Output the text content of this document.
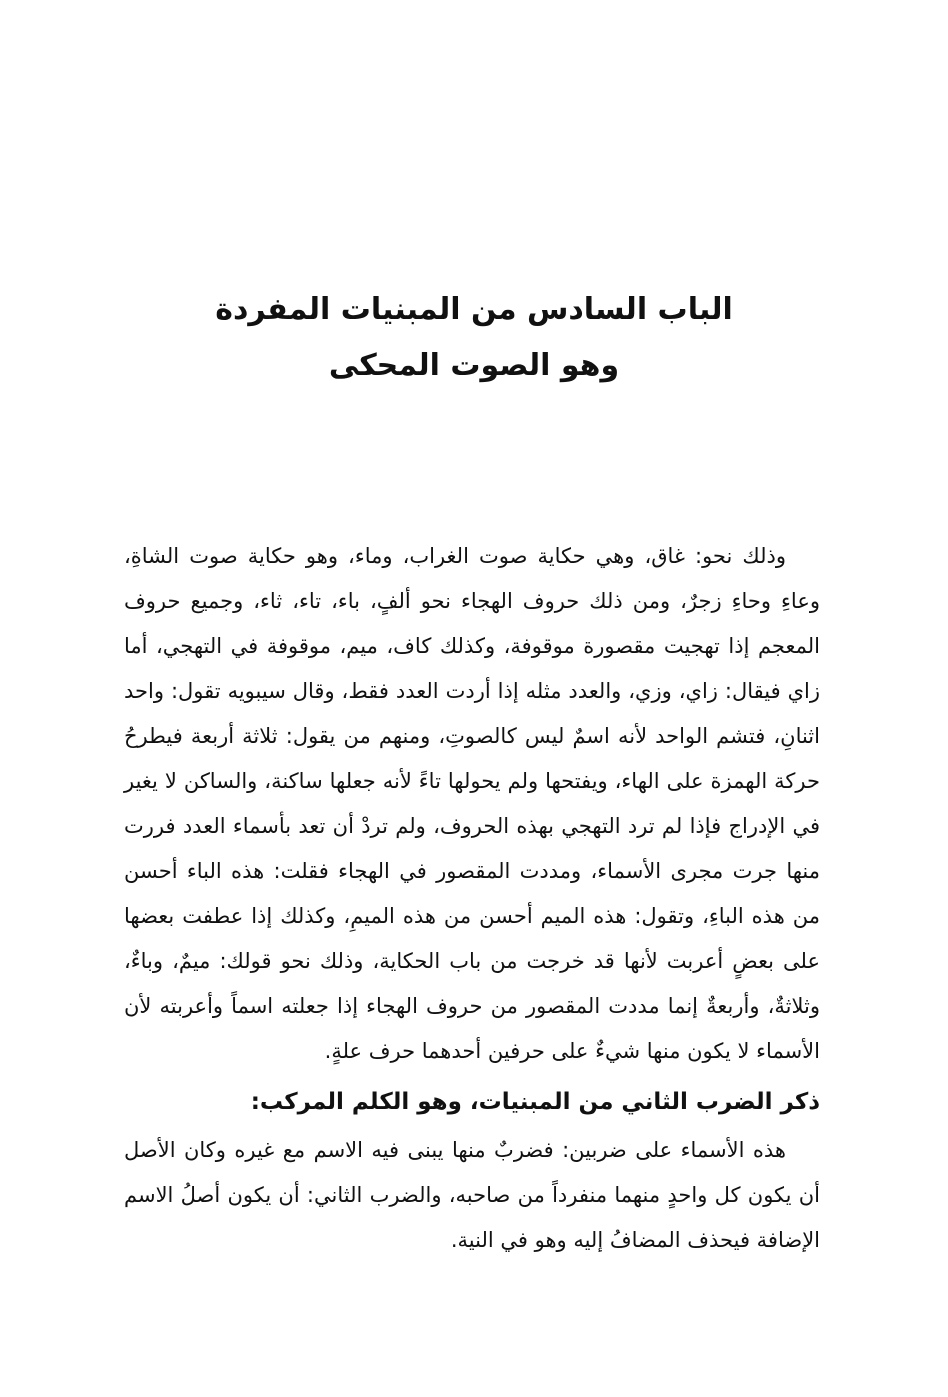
الباب السادس من المبنيات المفردة
وهو الصوت المحكى

وذلك نحو: غاق، وهي حكاية صوت الغراب، وماء، وهو حكاية صوت الشاةِ، وعاءِ وحاءِ زجرٌ، ومن ذلك حروف الهجاء نحو ألفٍ، باء، تاء، ثاء، وجميع حروف المعجم إذا تهجيت مقصورة موقوفة، وكذلك كاف، ميم، موقوفة في التهجي، أما زاي فيقال: زاي، وزي، والعدد مثله إذا أردت العدد فقط، وقال سيبويه تقول: واحد اثنانِ، فتشم الواحد لأنه اسمٌ ليس كالصوتِ، ومنهم من يقول: ثلاثة أربعة فيطرحُ حركة الهمزة على الهاء، ويفتحها ولم يحولها تاءً لأنه جعلها ساكنة، والساكن لا يغير في الإدراج فإذا لم ترد التهجي بهذه الحروف، ولم تردْ أن تعد بأسماء العدد فررت منها جرت مجرى الأسماء، ومددت المقصور في الهجاء فقلت: هذه الباء أحسن من هذه الباءِ، وتقول: هذه الميم أحسن من هذه الميمِ، وكذلك إذا عطفت بعضها على بعضٍ أعربت لأنها قد خرجت من باب الحكاية، وذلك نحو قولك: ميمٌ، وباءٌ، وثلاثةٌ، وأربعةٌ إنما مددت المقصور من حروف الهجاء إذا جعلته اسماً وأعربته لأن الأسماء لا يكون منها شيءٌ على حرفين أحدهما حرف علةٍ.

ذكر الضرب الثاني من المبنيات، وهو الكلم المركب:

هذه الأسماء على ضربين: فضربٌ منها يبنى فيه الاسم مع غيره وكان الأصل أن يكون كل واحدٍ منهما منفرداً من صاحبه، والضرب الثاني: أن يكون أصلُ الاسم الإضافة فيحذف المضافُ إليه وهو في النية.
